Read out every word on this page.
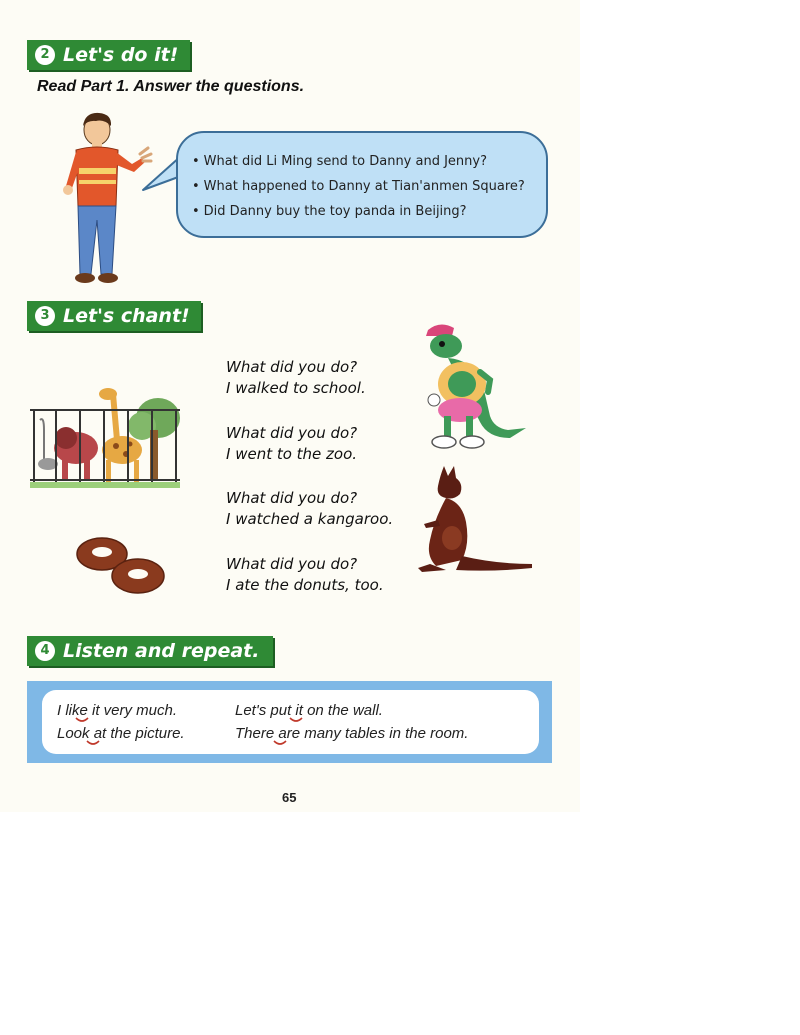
2 Let's do it!
Read Part 1. Answer the questions.
• What did Li Ming send to Danny and Jenny?
• What happened to Danny at Tian'anmen Square?
• Did Danny buy the toy panda in Beijing?
3 Let's chant!
What did you do?
I walked to school.
What did you do?
I went to the zoo.
What did you do?
I watched a kangaroo.
What did you do?
I ate the donuts, too.
4 Listen and repeat.
I like it very much.	Let's put it on the wall.
Look at the picture.	There are many tables in the room.
65
